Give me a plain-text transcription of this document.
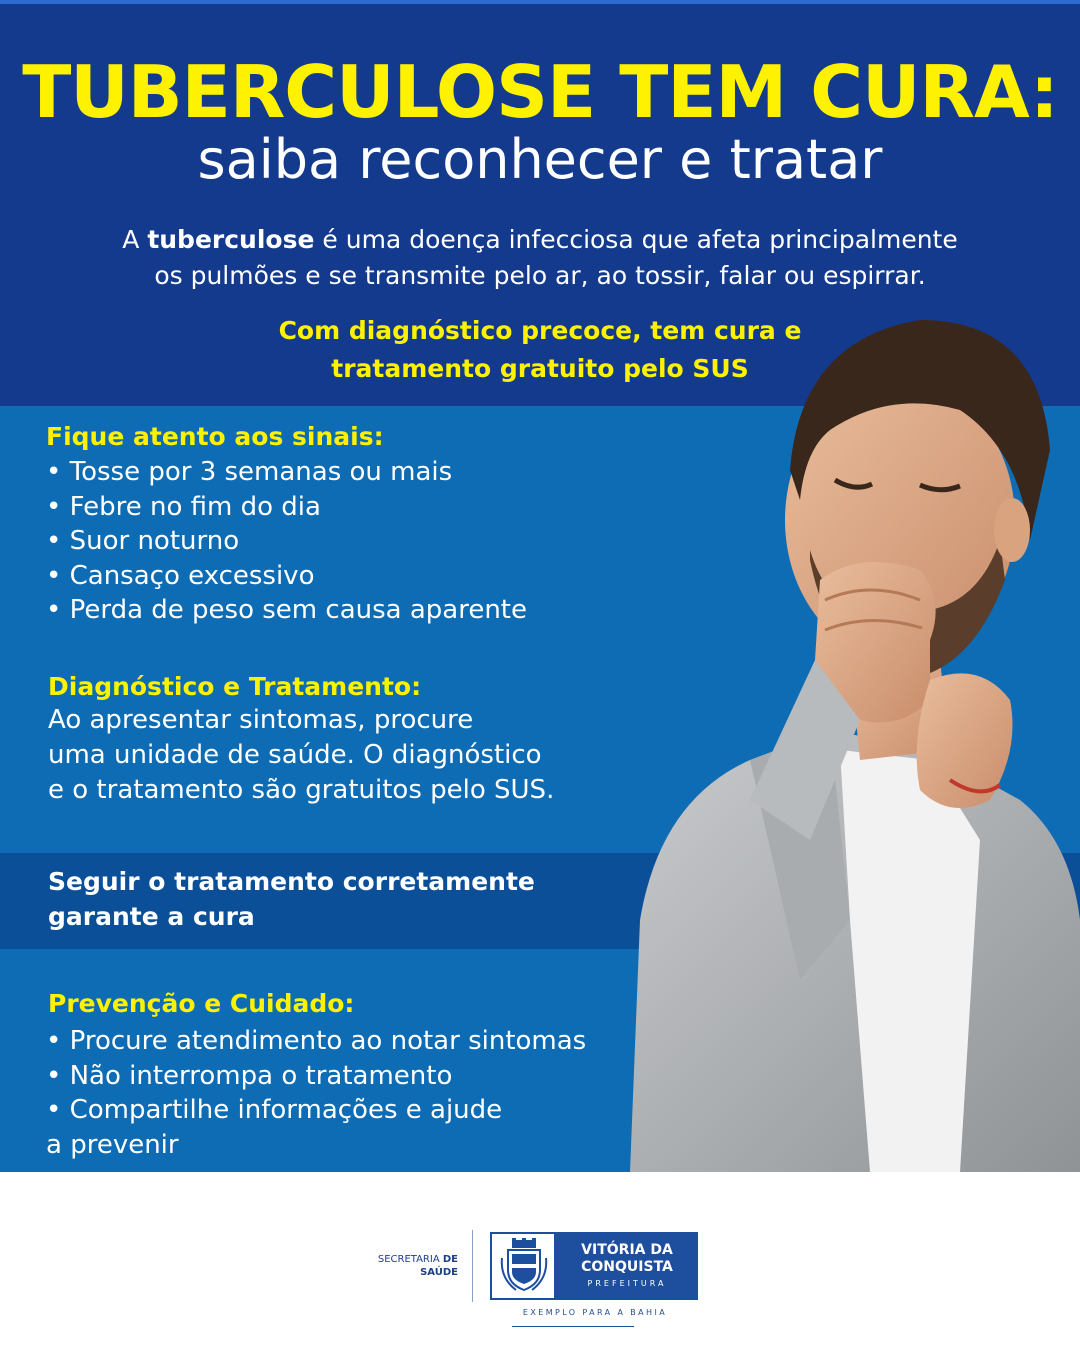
TUBERCULOSE TEM CURA:
saiba reconhecer e tratar
A tuberculose é uma doença infecciosa que afeta principalmente
os pulmões e se transmite pelo ar, ao tossir, falar ou espirrar.
Com diagnóstico precoce, tem cura e
tratamento gratuito pelo SUS
Fique atento aos sinais:
• Tosse por 3 semanas ou mais
• Febre no fim do dia
• Suor noturno
• Cansaço excessivo
• Perda de peso sem causa aparente
Diagnóstico e Tratamento:
Ao apresentar sintomas, procure
uma unidade de saúde. O diagnóstico
e o tratamento são gratuitos pelo SUS.
Seguir o tratamento corretamente
garante a cura
Prevenção e Cuidado:
• Procure atendimento ao notar sintomas
• Não interrompa o tratamento
• Compartilhe informações e ajude
a prevenir
SECRETARIA DE
SAÚDE
VITÓRIA DA
CONQUISTA
PREFEITURA
EXEMPLO PARA A BAHIA
